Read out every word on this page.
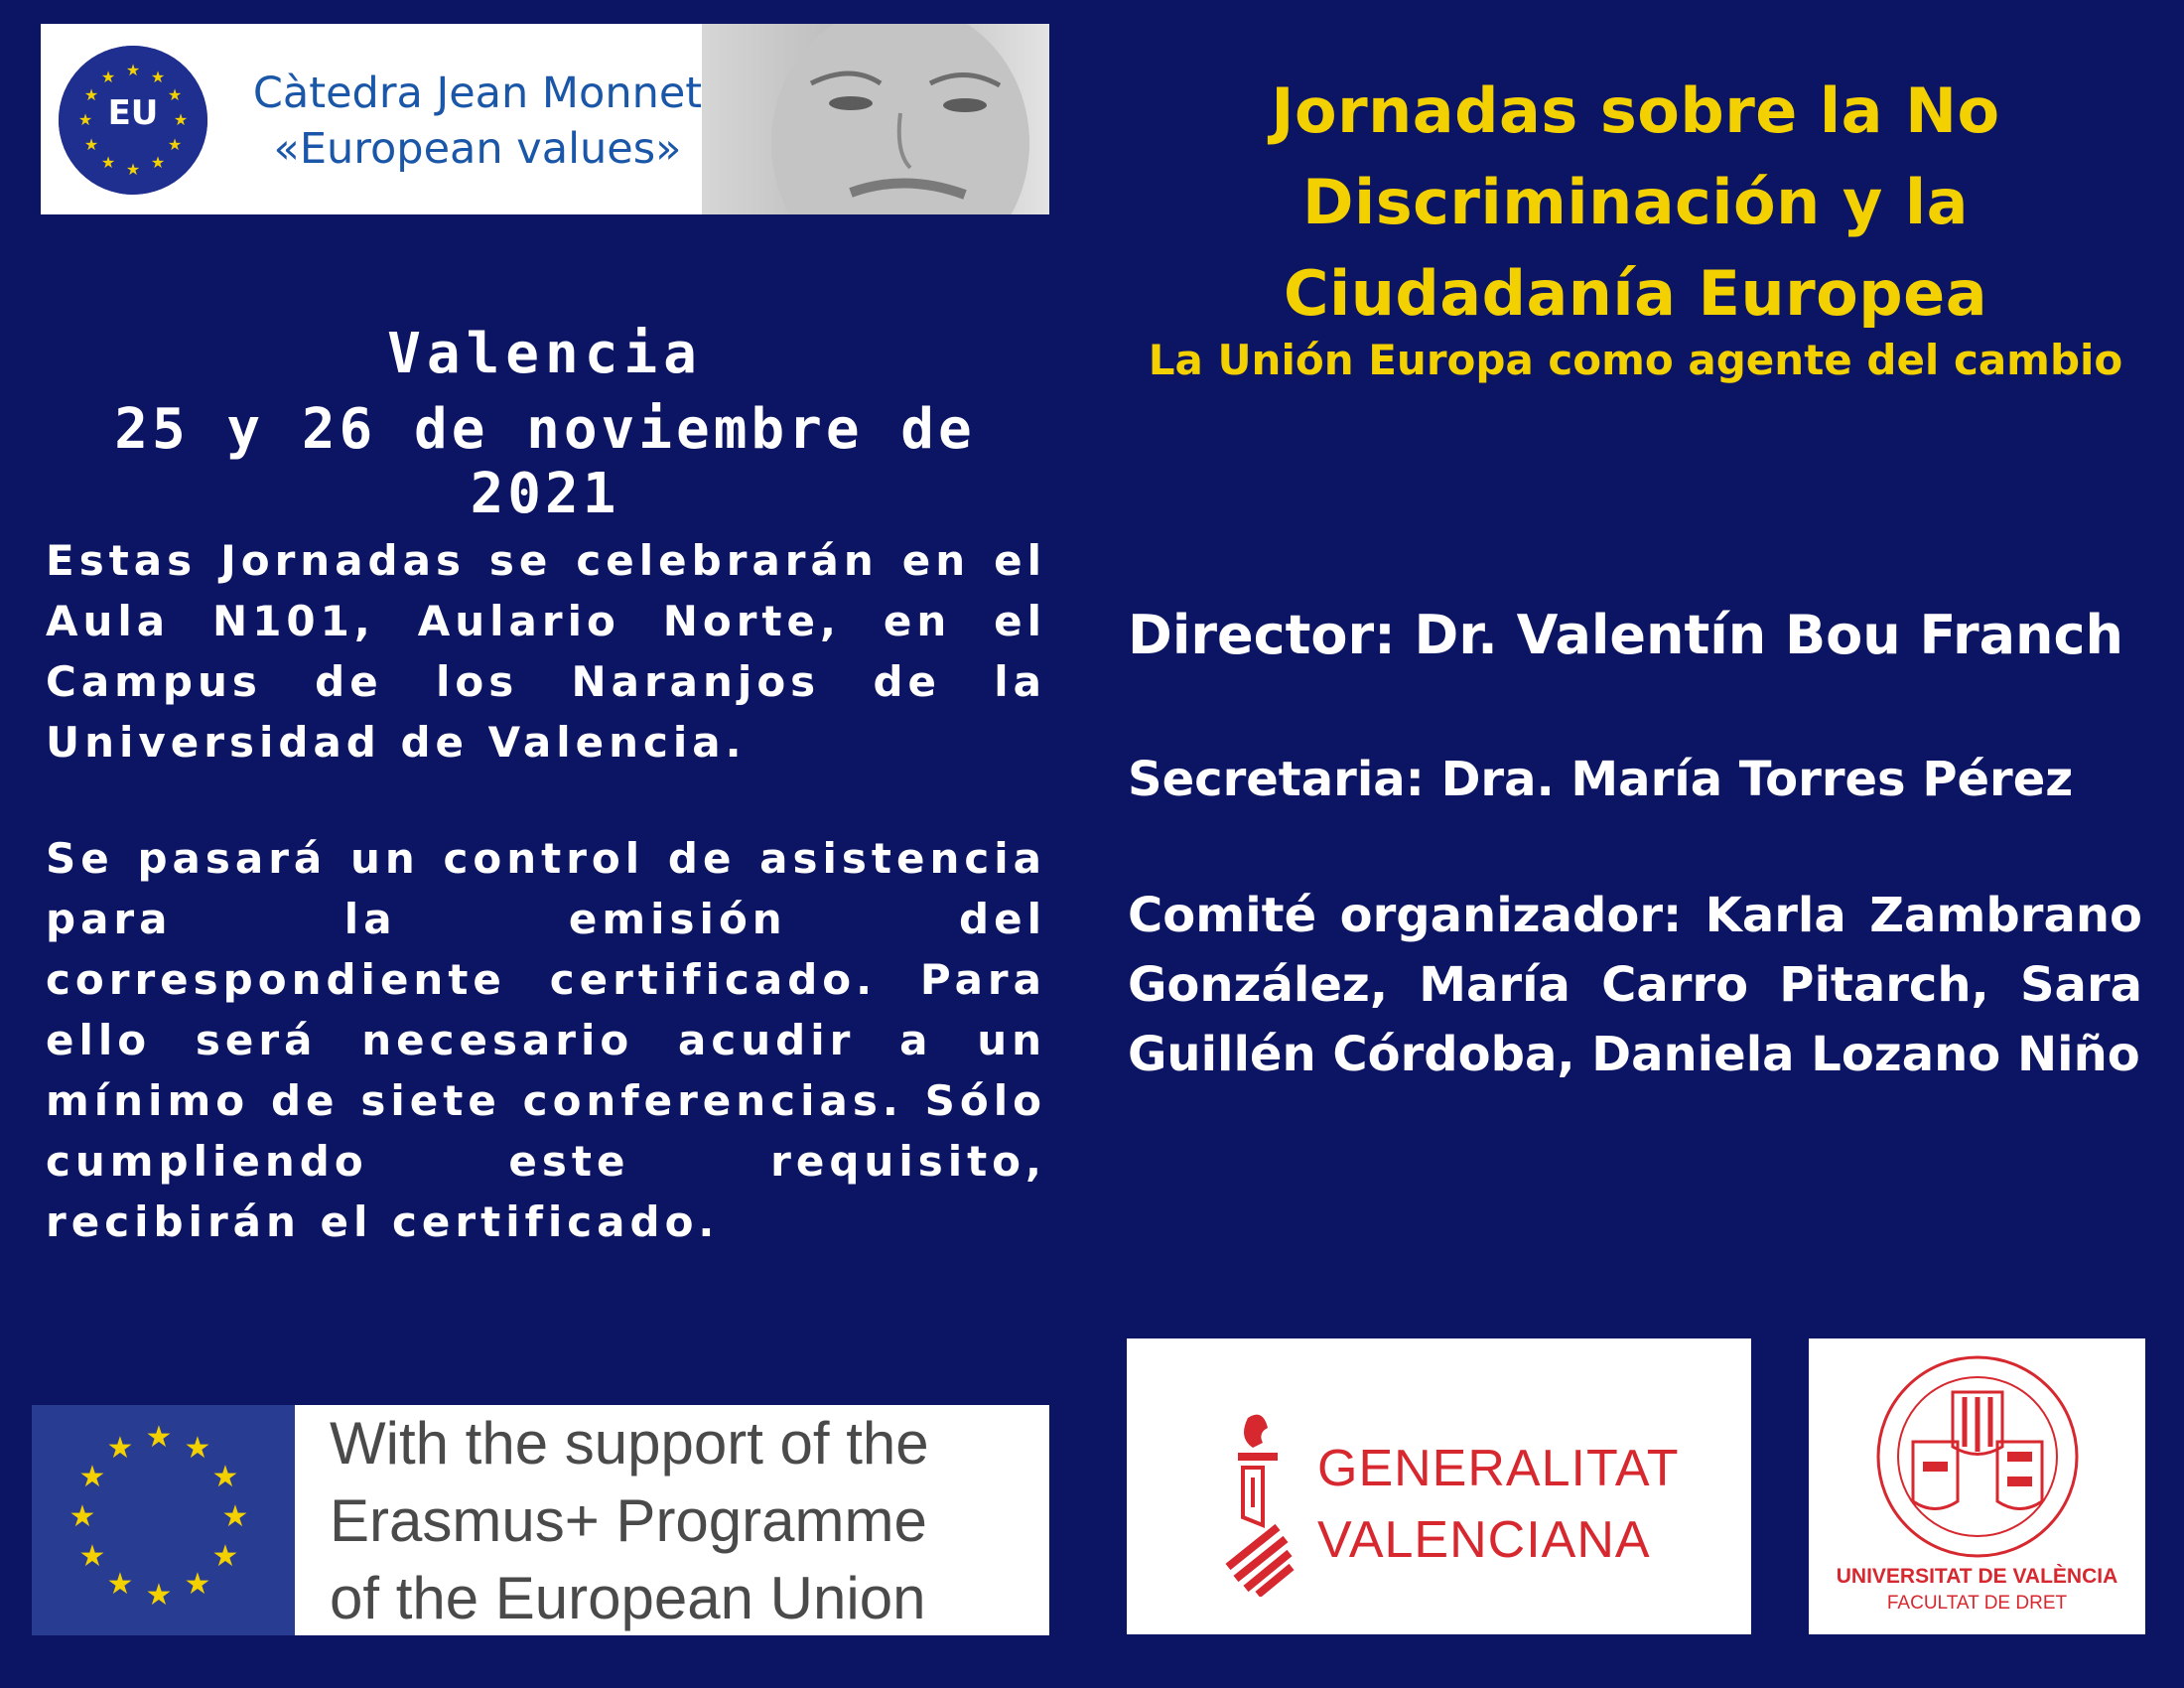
★ ★
★
★
★
★
★
★
★
★
★
★
EU	Càtedra Jean Monnet
«European values»
Jornadas sobre la No Discriminación y la Ciudadanía Europea
La Unión Europa como agente del cambio
Valencia
25 y 26 de noviembre de 2021
Estas Jornadas se celebrarán en el Aula N101, Aulario Norte, en el Campus de los Naranjos de la Universidad de Valencia.
Se pasará un control de asistencia para la emisión del correspondiente certificado. Para ello será necesario acudir a un mínimo de siete conferencias. Sólo cumpliendo este requisito, recibirán el certificado.
Director: Dr. Valentín Bou Franch
Secretaria: Dra. María Torres Pérez
Comité organizador: Karla Zambrano González, María Carro Pitarch, Sara Guillén Córdoba, Daniela Lozano Niño
★ ★
★
★
★
★
★
★
★
★
★
★	With the support of the
Erasmus+ Programme
of the European Union
GENERALITAT
VALENCIANA
UNIVERSITAT DE VALÈNCIA
FACULTAT DE DRET
